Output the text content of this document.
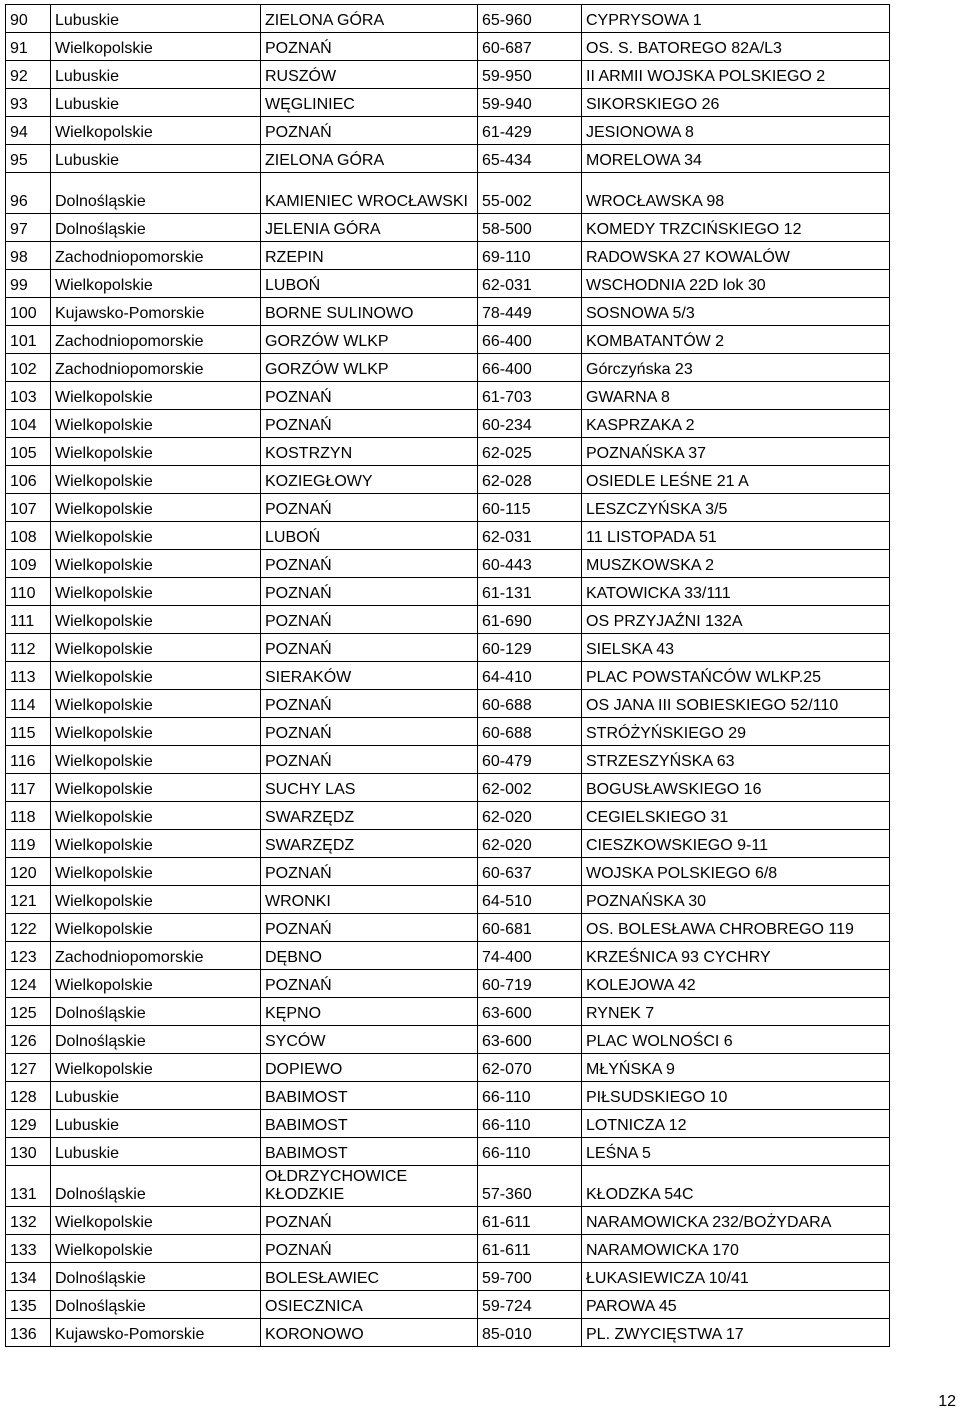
90	Lubuskie	ZIELONA GÓRA	65-960	CYPRYSOWA 1
91	Wielkopolskie	POZNAŃ	60-687	OS. S. BATOREGO 82A/L3
92	Lubuskie	RUSZÓW	59-950	II ARMII WOJSKA POLSKIEGO 2
93	Lubuskie	WĘGLINIEC	59-940	SIKORSKIEGO 26
94	Wielkopolskie	POZNAŃ	61-429	JESIONOWA 8
95	Lubuskie	ZIELONA GÓRA	65-434	MORELOWA 34
96	Dolnośląskie	KAMIENIEC WROCŁAWSKI	55-002	WROCŁAWSKA 98
97	Dolnośląskie	JELENIA GÓRA	58-500	KOMEDY TRZCIŃSKIEGO 12
98	Zachodniopomorskie	RZEPIN	69-110	RADOWSKA 27 KOWALÓW
99	Wielkopolskie	LUBOŃ	62-031	WSCHODNIA 22D lok 30
100	Kujawsko-Pomorskie	BORNE SULINOWO	78-449	SOSNOWA 5/3
101	Zachodniopomorskie	GORZÓW WLKP	66-400	KOMBATANTÓW 2
102	Zachodniopomorskie	GORZÓW WLKP	66-400	Górczyńska 23
103	Wielkopolskie	POZNAŃ	61-703	GWARNA 8
104	Wielkopolskie	POZNAŃ	60-234	KASPRZAKA 2
105	Wielkopolskie	KOSTRZYN	62-025	POZNAŃSKA 37
106	Wielkopolskie	KOZIEGŁOWY	62-028	OSIEDLE LEŚNE 21 A
107	Wielkopolskie	POZNAŃ	60-115	LESZCZYŃSKA 3/5
108	Wielkopolskie	LUBOŃ	62-031	11 LISTOPADA 51
109	Wielkopolskie	POZNAŃ	60-443	MUSZKOWSKA 2
110	Wielkopolskie	POZNAŃ	61-131	KATOWICKA 33/111
111	Wielkopolskie	POZNAŃ	61-690	OS PRZYJAŹNI 132A
112	Wielkopolskie	POZNAŃ	60-129	SIELSKA 43
113	Wielkopolskie	SIERAKÓW	64-410	PLAC POWSTAŃCÓW WLKP.25
114	Wielkopolskie	POZNAŃ	60-688	OS JANA III SOBIESKIEGO 52/110
115	Wielkopolskie	POZNAŃ	60-688	STRÓŻYŃSKIEGO 29
116	Wielkopolskie	POZNAŃ	60-479	STRZESZYŃSKA 63
117	Wielkopolskie	SUCHY LAS	62-002	BOGUSŁAWSKIEGO 16
118	Wielkopolskie	SWARZĘDZ	62-020	CEGIELSKIEGO 31
119	Wielkopolskie	SWARZĘDZ	62-020	CIESZKOWSKIEGO 9-11
120	Wielkopolskie	POZNAŃ	60-637	WOJSKA POLSKIEGO 6/8
121	Wielkopolskie	WRONKI	64-510	POZNAŃSKA 30
122	Wielkopolskie	POZNAŃ	60-681	OS. BOLESŁAWA CHROBREGO 119
123	Zachodniopomorskie	DĘBNO	74-400	KRZEŚNICA 93 CYCHRY
124	Wielkopolskie	POZNAŃ	60-719	KOLEJOWA 42
125	Dolnośląskie	KĘPNO	63-600	RYNEK 7
126	Dolnośląskie	SYCÓW	63-600	PLAC WOLNOŚCI 6
127	Wielkopolskie	DOPIEWO	62-070	MŁYŃSKA 9
128	Lubuskie	BABIMOST	66-110	PIŁSUDSKIEGO 10
129	Lubuskie	BABIMOST	66-110	LOTNICZA 12
130	Lubuskie	BABIMOST	66-110	LEŚNA 5
131	Dolnośląskie	OŁDRZYCHOWICE KŁODZKIE	57-360	KŁODZKA 54C
132	Wielkopolskie	POZNAŃ	61-611	NARAMOWICKA 232/BOŻYDARA
133	Wielkopolskie	POZNAŃ	61-611	NARAMOWICKA 170
134	Dolnośląskie	BOLESŁAWIEC	59-700	ŁUKASIEWICZA 10/41
135	Dolnośląskie	OSIECZNICA	59-724	PAROWA 45
136	Kujawsko-Pomorskie	KORONOWO	85-010	PL. ZWYCIĘSTWA 17
12
